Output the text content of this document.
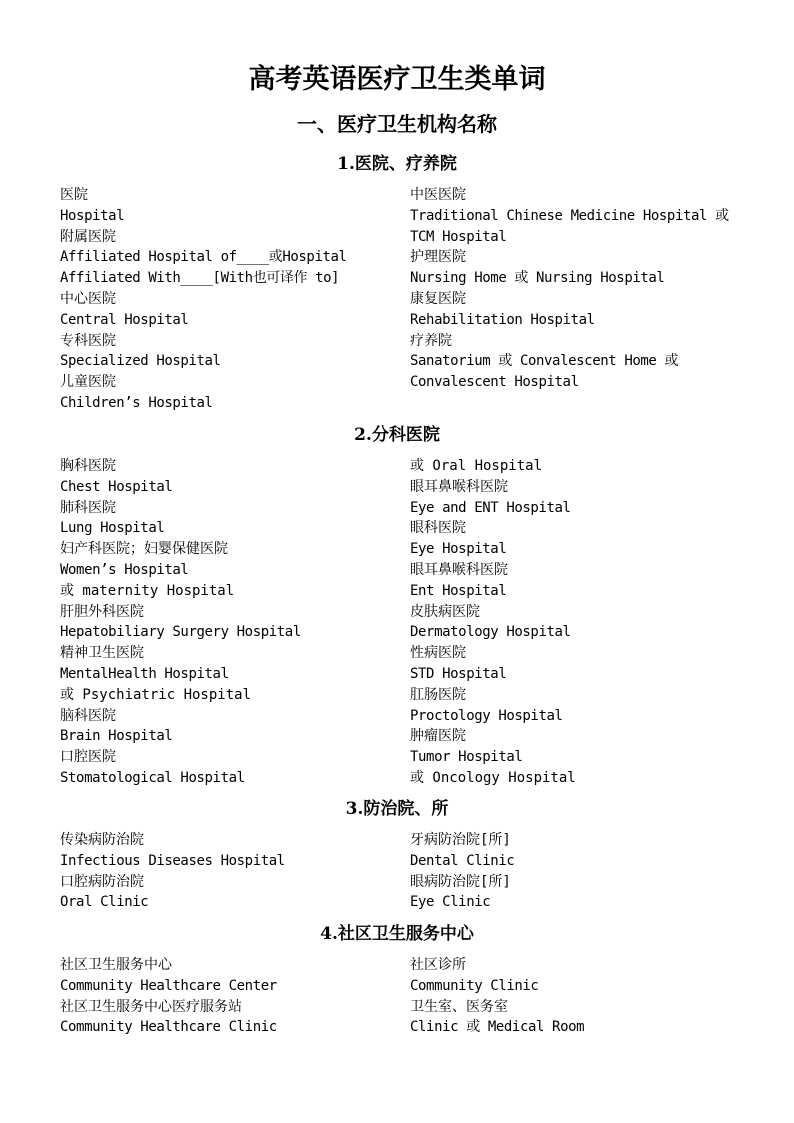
高考英语医疗卫生类单词
一、医疗卫生机构名称
1.医院、疗养院
医院
Hospital
附属医院
Affiliated Hospital of____或Hospital
Affiliated With____[With也可译作 to]
中心医院
Central Hospital
专科医院
Specialized Hospital
儿童医院
Children’s Hospital
中医医院
Traditional Chinese Medicine Hospital 或
TCM Hospital
护理医院
Nursing Home 或 Nursing Hospital
康复医院
Rehabilitation Hospital
疗养院
Sanatorium 或 Convalescent Home 或
Convalescent Hospital
2.分科医院
胸科医院
Chest Hospital
肺科医院
Lung Hospital
妇产科医院；妇婴保健医院
Women’s Hospital
或 maternity Hospital
肝胆外科医院
Hepatobiliary Surgery Hospital
精神卫生医院
MentalHealth Hospital
或 Psychiatric Hospital
脑科医院
Brain Hospital
口腔医院
Stomatological Hospital
或 Oral Hospital
眼耳鼻喉科医院
Eye and ENT Hospital
眼科医院
Eye Hospital
眼耳鼻喉科医院
Ent Hospital
皮肤病医院
Dermatology Hospital
性病医院
STD Hospital
肛肠医院
Proctology Hospital
肿瘤医院
Tumor Hospital
或 Oncology Hospital
3.防治院、所
传染病防治院
Infectious Diseases Hospital
口腔病防治院
Oral Clinic
牙病防治院[所]
Dental Clinic
眼病防治院[所]
Eye Clinic
4.社区卫生服务中心
社区卫生服务中心
Community Healthcare Center
社区卫生服务中心医疗服务站
Community Healthcare Clinic
社区诊所
Community Clinic
卫生室、医务室
Clinic 或 Medical Room
